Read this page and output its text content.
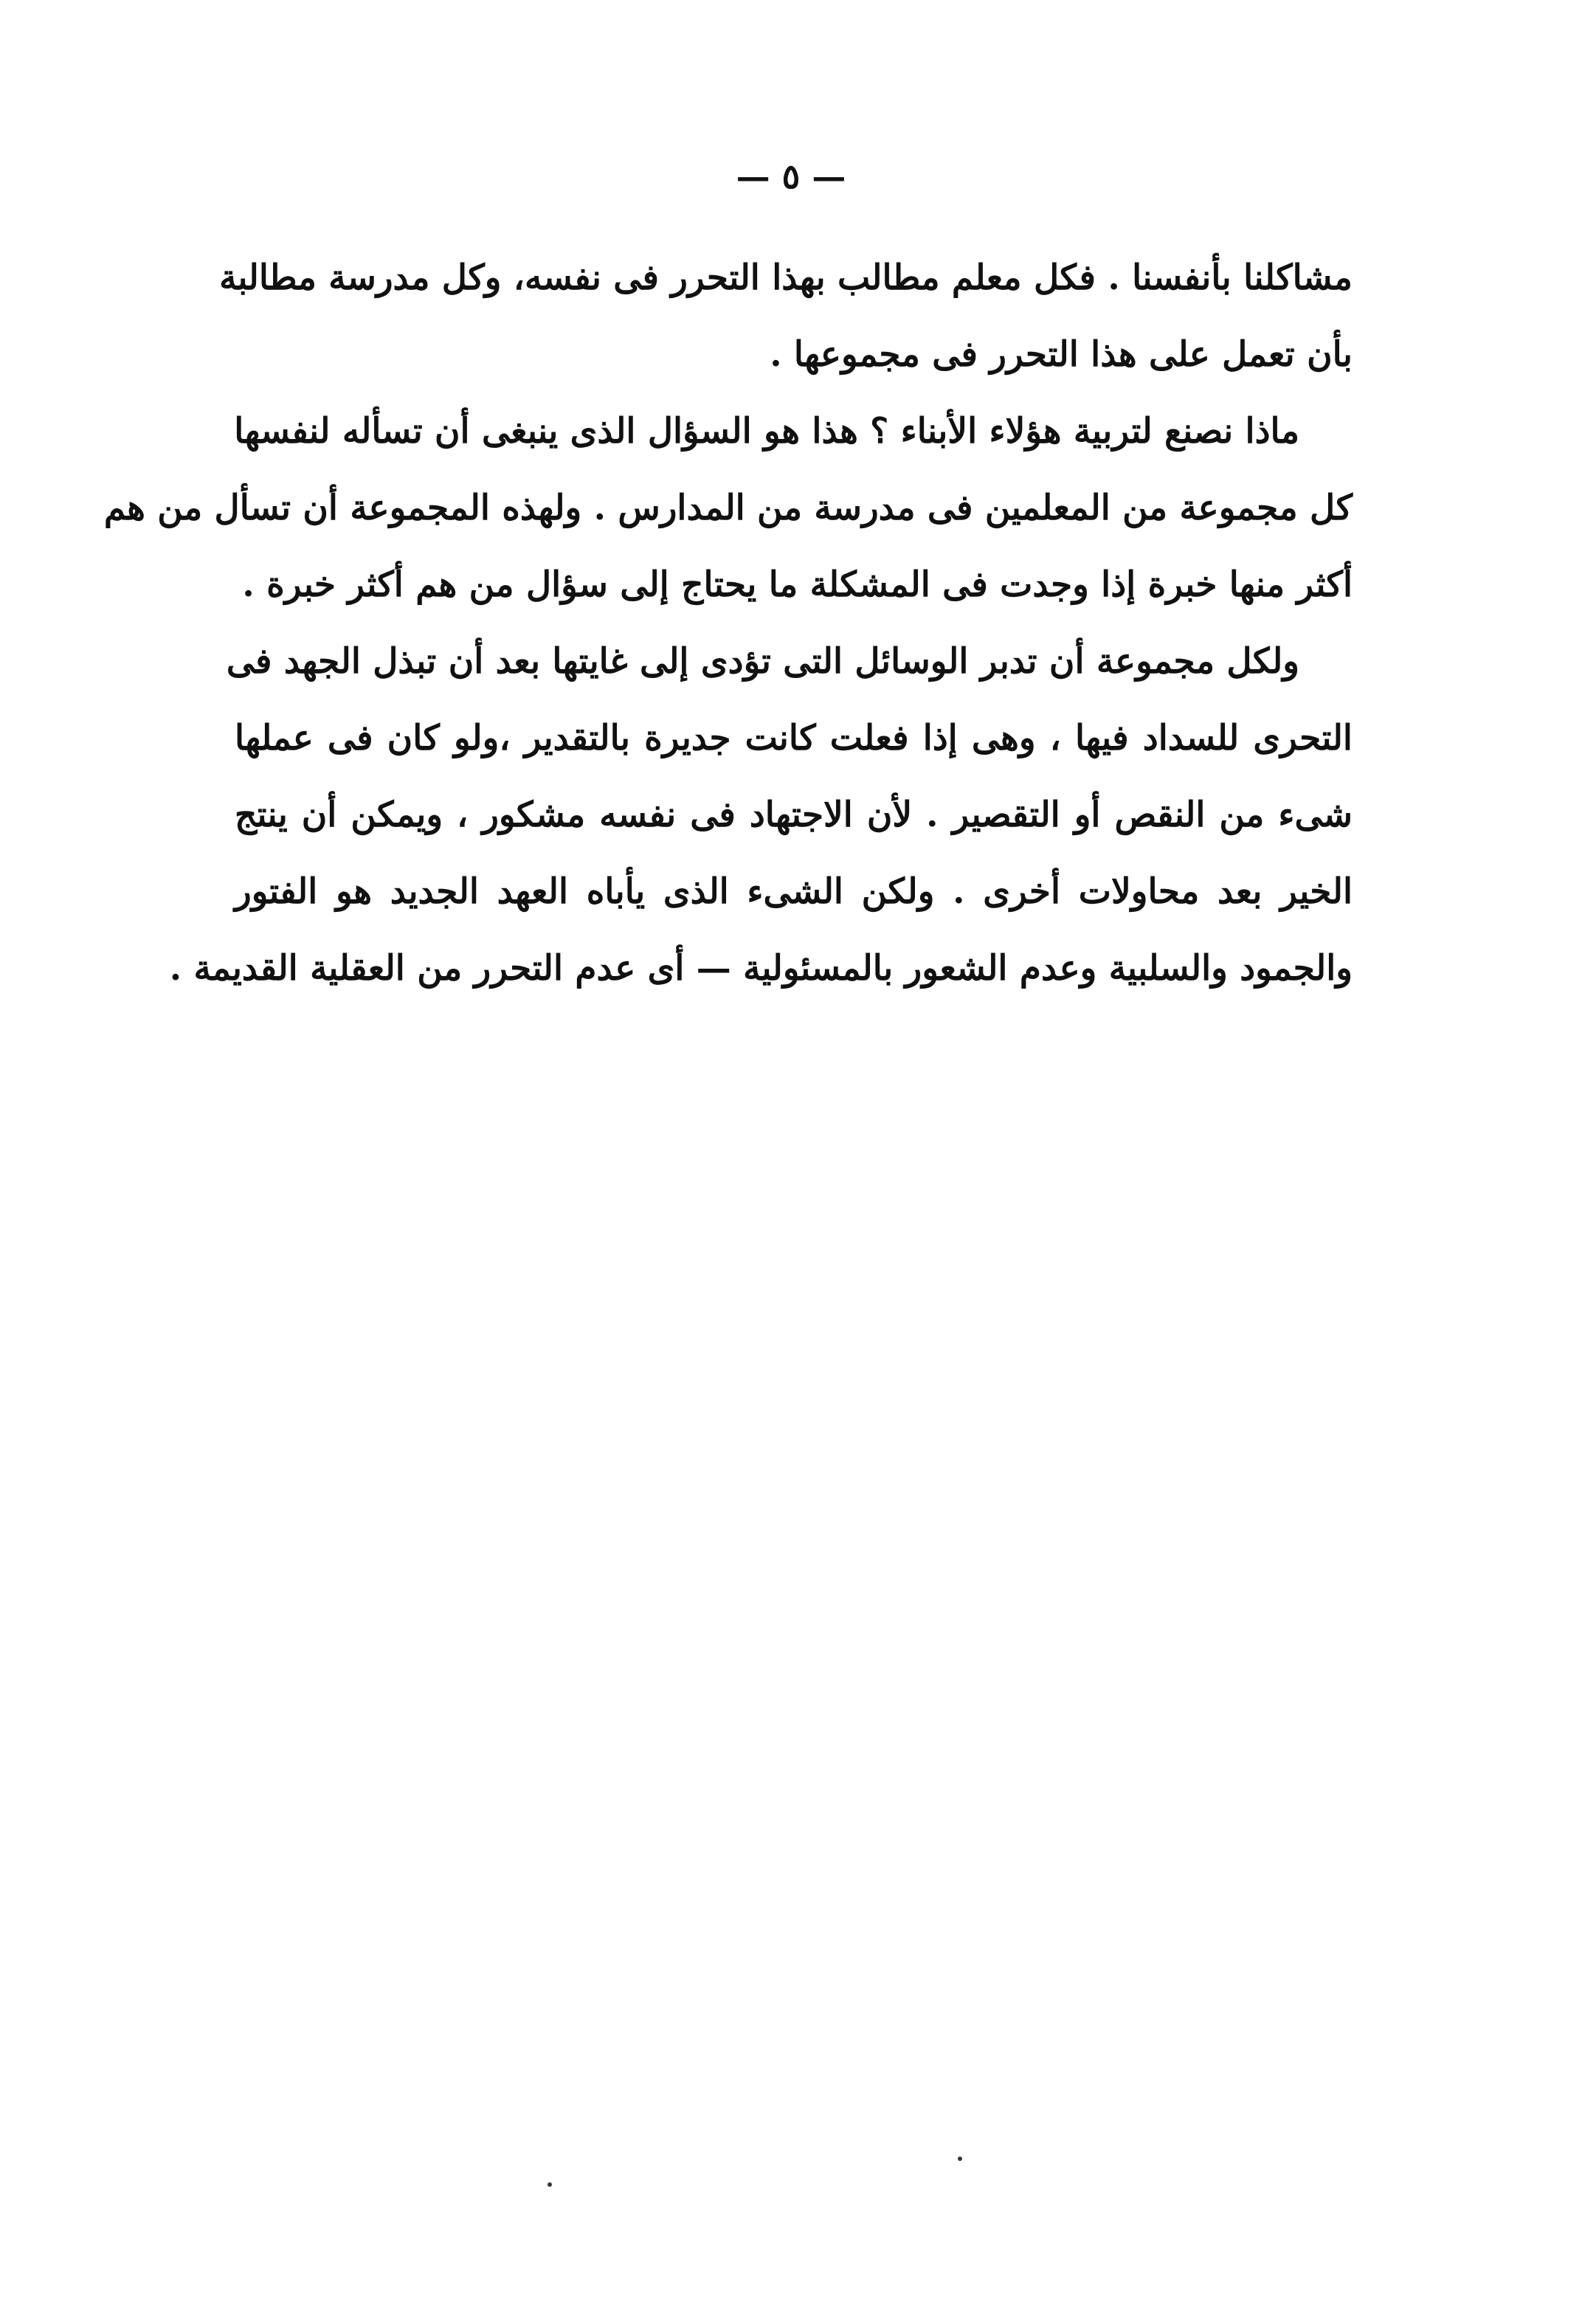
— ٥ —
مشاكلنا بأنفسنا . فكل معلم مطالب بهذا التحرر فى نفسه، وكل مدرسة مطالبة
بأن تعمل على هذا التحرر فى مجموعها .
ماذا نصنع لتربية هؤلاء الأبناء ؟ هذا هو السؤال الذى ينبغى أن تسأله لنفسها
كل مجموعة من المعلمين فى مدرسة من المدارس . ولهذه المجموعة أن تسأل من هم
أكثر منها خبرة إذا وجدت فى المشكلة ما يحتاج إلى سؤال من هم أكثر خبرة .
ولكل مجموعة أن تدبر الوسائل التى تؤدى إلى غايتها بعد أن تبذل الجهد فى
التحرى للسداد فيها ، وهى إذا فعلت كانت جديرة بالتقدير ،ولو كان فى عملها
شىء من النقص أو التقصير . لأن الاجتهاد فى نفسه مشكور ، ويمكن أن ينتج
الخير بعد محاولات أخرى . ولكن الشىء الذى يأباه العهد الجديد هو الفتور
والجمود والسلبية وعدم الشعور بالمسئولية — أى عدم التحرر من العقلية القديمة .
